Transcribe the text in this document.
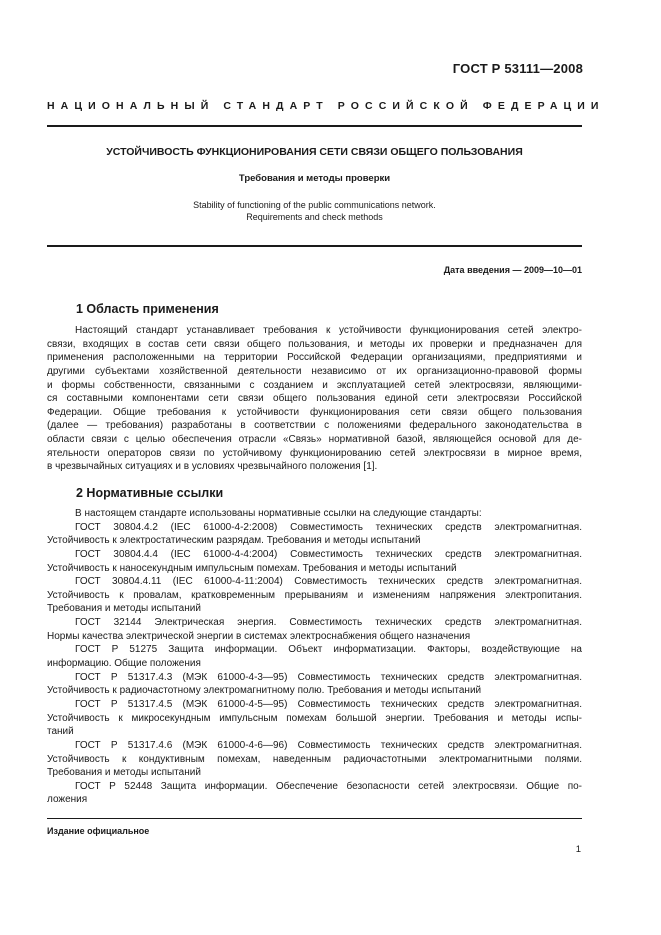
ГОСТ Р 53111—2008
НАЦИОНАЛЬНЫЙ СТАНДАРТ РОССИЙСКОЙ ФЕДЕРАЦИИ
УСТОЙЧИВОСТЬ ФУНКЦИОНИРОВАНИЯ СЕТИ СВЯЗИ ОБЩЕГО ПОЛЬЗОВАНИЯ
Требования и методы проверки
Stability of functioning of the public communications network.
Requirements and check methods
Дата введения — 2009—10—01
1 Область применения
Настоящий стандарт устанавливает требования к устойчивости функционирования сетей электро-
связи, входящих в состав сети связи общего пользования, и методы их проверки и предназначен для
применения расположенными на территории Российской Федерации организациями, предприятиями и
другими субъектами хозяйственной деятельности независимо от их организационно-правовой формы
и формы собственности, связанными с созданием и эксплуатацией сетей электросвязи, являющими-
ся составными компонентами сети связи общего пользования единой сети электросвязи Российской
Федерации. Общие требования к устойчивости функционирования сети связи общего пользования
(далее — требования) разработаны в соответствии с положениями федерального законодательства в
области связи с целью обеспечения отрасли «Связь» нормативной базой, являющейся основой для де-
ятельности операторов связи по устойчивому функционированию сетей электросвязи в мирное время,
в чрезвычайных ситуациях и в условиях чрезвычайного положения [1].
2 Нормативные ссылки
В настоящем стандарте использованы нормативные ссылки на следующие стандарты:
ГОСТ 30804.4.2 (IEC 61000-4-2:2008) Совместимость технических средств электромагнитная.
Устойчивость к электростатическим разрядам. Требования и методы испытаний
ГОСТ 30804.4.4 (IEC 61000-4-4:2004) Совместимость технических средств электромагнитная.
Устойчивость к наносекундным импульсным помехам. Требования и методы испытаний
ГОСТ 30804.4.11 (IEC 61000-4-11:2004) Совместимость технических средств электромагнитная.
Устойчивость к провалам, кратковременным прерываниям и изменениям напряжения электропитания.
Требования и методы испытаний
ГОСТ 32144 Электрическая энергия. Совместимость технических средств электромагнитная.
Нормы качества электрической энергии в системах электроснабжения общего назначения
ГОСТ Р 51275 Защита информации. Объект информатизации. Факторы, воздействующие на
информацию. Общие положения
ГОСТ Р 51317.4.3 (МЭК 61000-4-3—95) Совместимость технических средств электромагнитная.
Устойчивость к радиочастотному электромагнитному полю. Требования и методы испытаний
ГОСТ Р 51317.4.5 (МЭК 61000-4-5—95) Совместимость технических средств электромагнитная.
Устойчивость к микросекундным импульсным помехам большой энергии. Требования и методы испы-
таний
ГОСТ Р 51317.4.6 (МЭК 61000-4-6—96) Совместимость технических средств электромагнитная.
Устойчивость к кондуктивным помехам, наведенным радиочастотными электромагнитными полями.
Требования и методы испытаний
ГОСТ Р 52448 Защита информации. Обеспечение безопасности сетей электросвязи. Общие по-
ложения
Издание официальное
1
